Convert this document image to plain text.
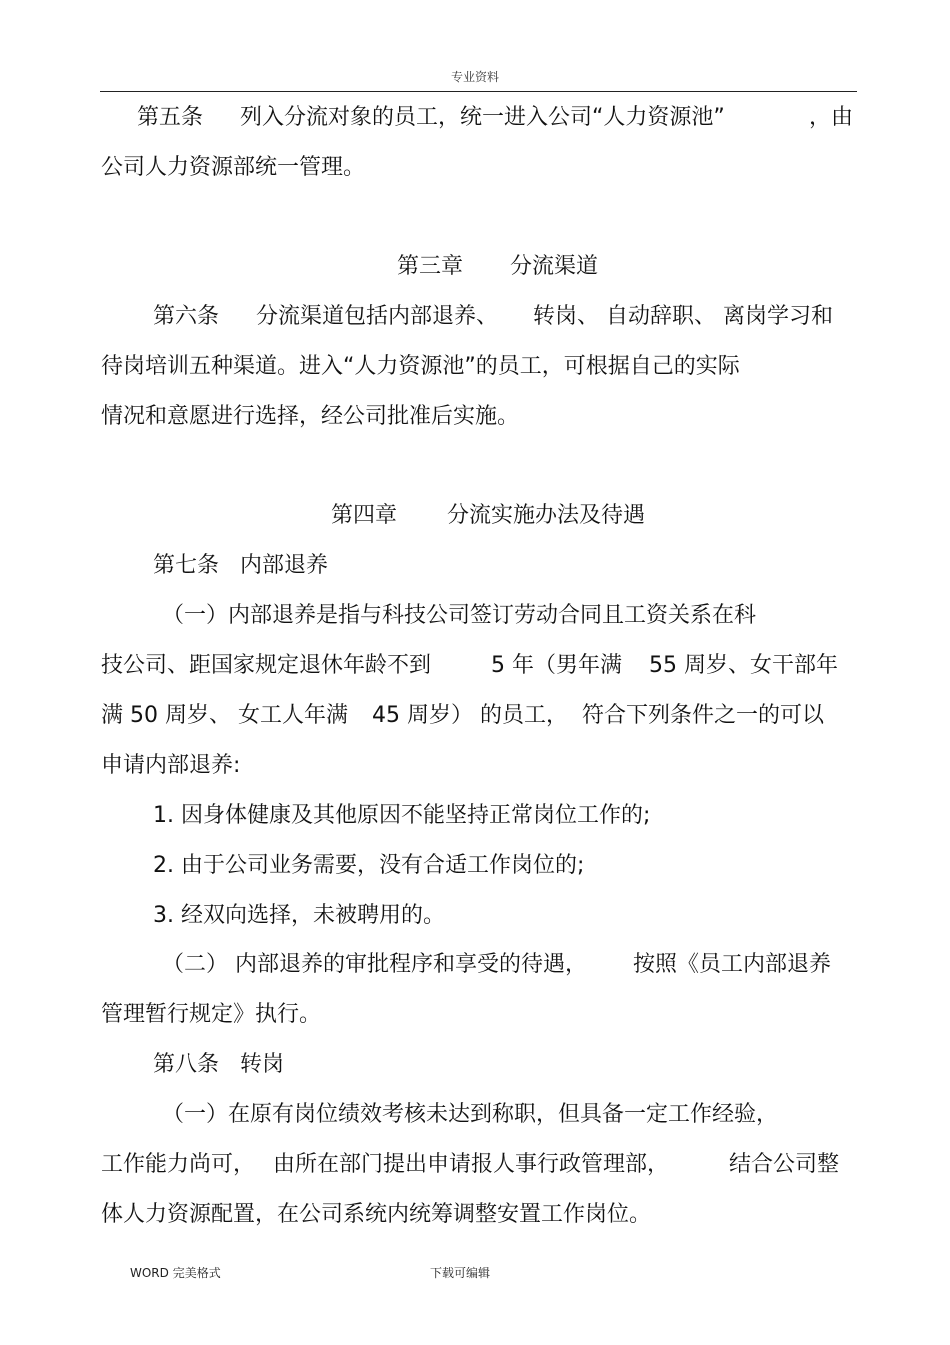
专业资料
第五条 列入分流对象的员工，统一进入公司“人力资源池”	，由
公司人力资源部统一管理。
第三章 分流渠道
第六条 分流渠道包括内部退养、 转岗、 自动辞职、 离岗学习和
待岗培训五种渠道。进入“人力资源池”的员工，可根据自己的实际
情况和意愿进行选择，经公司批准后实施。
第四章 分流实施办法及待遇
第七条   内部退养
（一）内部退养是指与科技公司签订劳动合同且工资关系在科
技公司、距国家规定退休年龄不到	5 年（男年满 55 周岁、女干部年
满 50 周岁、 女工人年满 45 周岁） 的员工，  符合下列条件之一的可以
申请内部退养:
1. 因身体健康及其他原因不能坚持正常岗位工作的;
2. 由于公司业务需要，没有合适工作岗位的;
3. 经双向选择，未被聘用的。
（二） 内部退养的审批程序和享受的待遇， 按照《员工内部退养
管理暂行规定》执行。
第八条   转岗
（一）在原有岗位绩效考核未达到称职，但具备一定工作经验，
工作能力尚可， 由所在部门提出申请报人事行政管理部，	结合公司整
体人力资源配置，在公司系统内统筹调整安置工作岗位。
WORD 完美格式	下载可编辑
